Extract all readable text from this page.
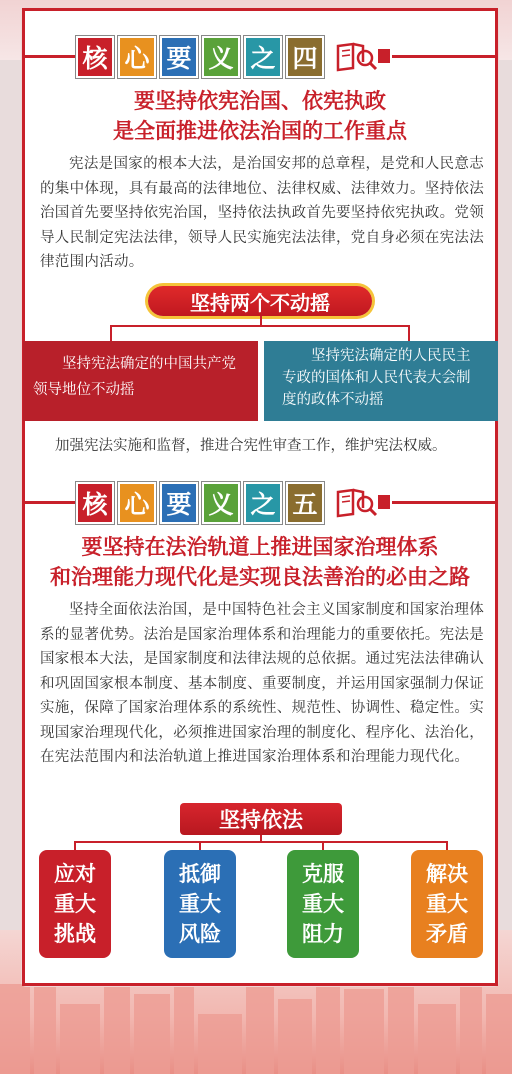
核 心 要 义 之 四
要坚持依宪治国、依宪执政
是全面推进依法治国的工作重点
宪法是国家的根本大法，是治国安邦的总章程，是党和人民意志的集中体现，具有最高的法律地位、法律权威、法律效力。坚持依法治国首先要坚持依宪治国，坚持依法执政首先要坚持依宪执政。党领导人民制定宪法法律，领导人民实施宪法法律，党自身必须在宪法法律范围内活动。
坚持两个不动摇
坚持宪法确定的中国共产党领导地位不动摇
坚持宪法确定的人民民主专政的国体和人民代表大会制度的政体不动摇
加强宪法实施和监督，推进合宪性审查工作，维护宪法权威。
核 心 要 义 之 五
要坚持在法治轨道上推进国家治理体系
和治理能力现代化是实现良法善治的必由之路
坚持全面依法治国，是中国特色社会主义国家制度和国家治理体系的显著优势。法治是国家治理体系和治理能力的重要依托。宪法是国家根本大法，是国家制度和法律法规的总依据。通过宪法法律确认和巩固国家根本制度、基本制度、重要制度，并运用国家强制力保证实施，保障了国家治理体系的系统性、规范性、协调性、稳定性。实现国家治理现代化，必须推进国家治理的制度化、程序化、法治化，在宪法范围内和法治轨道上推进国家治理体系和治理能力现代化。
坚持依法
应对
重大
挑战
抵御
重大
风险
克服
重大
阻力
解决
重大
矛盾
